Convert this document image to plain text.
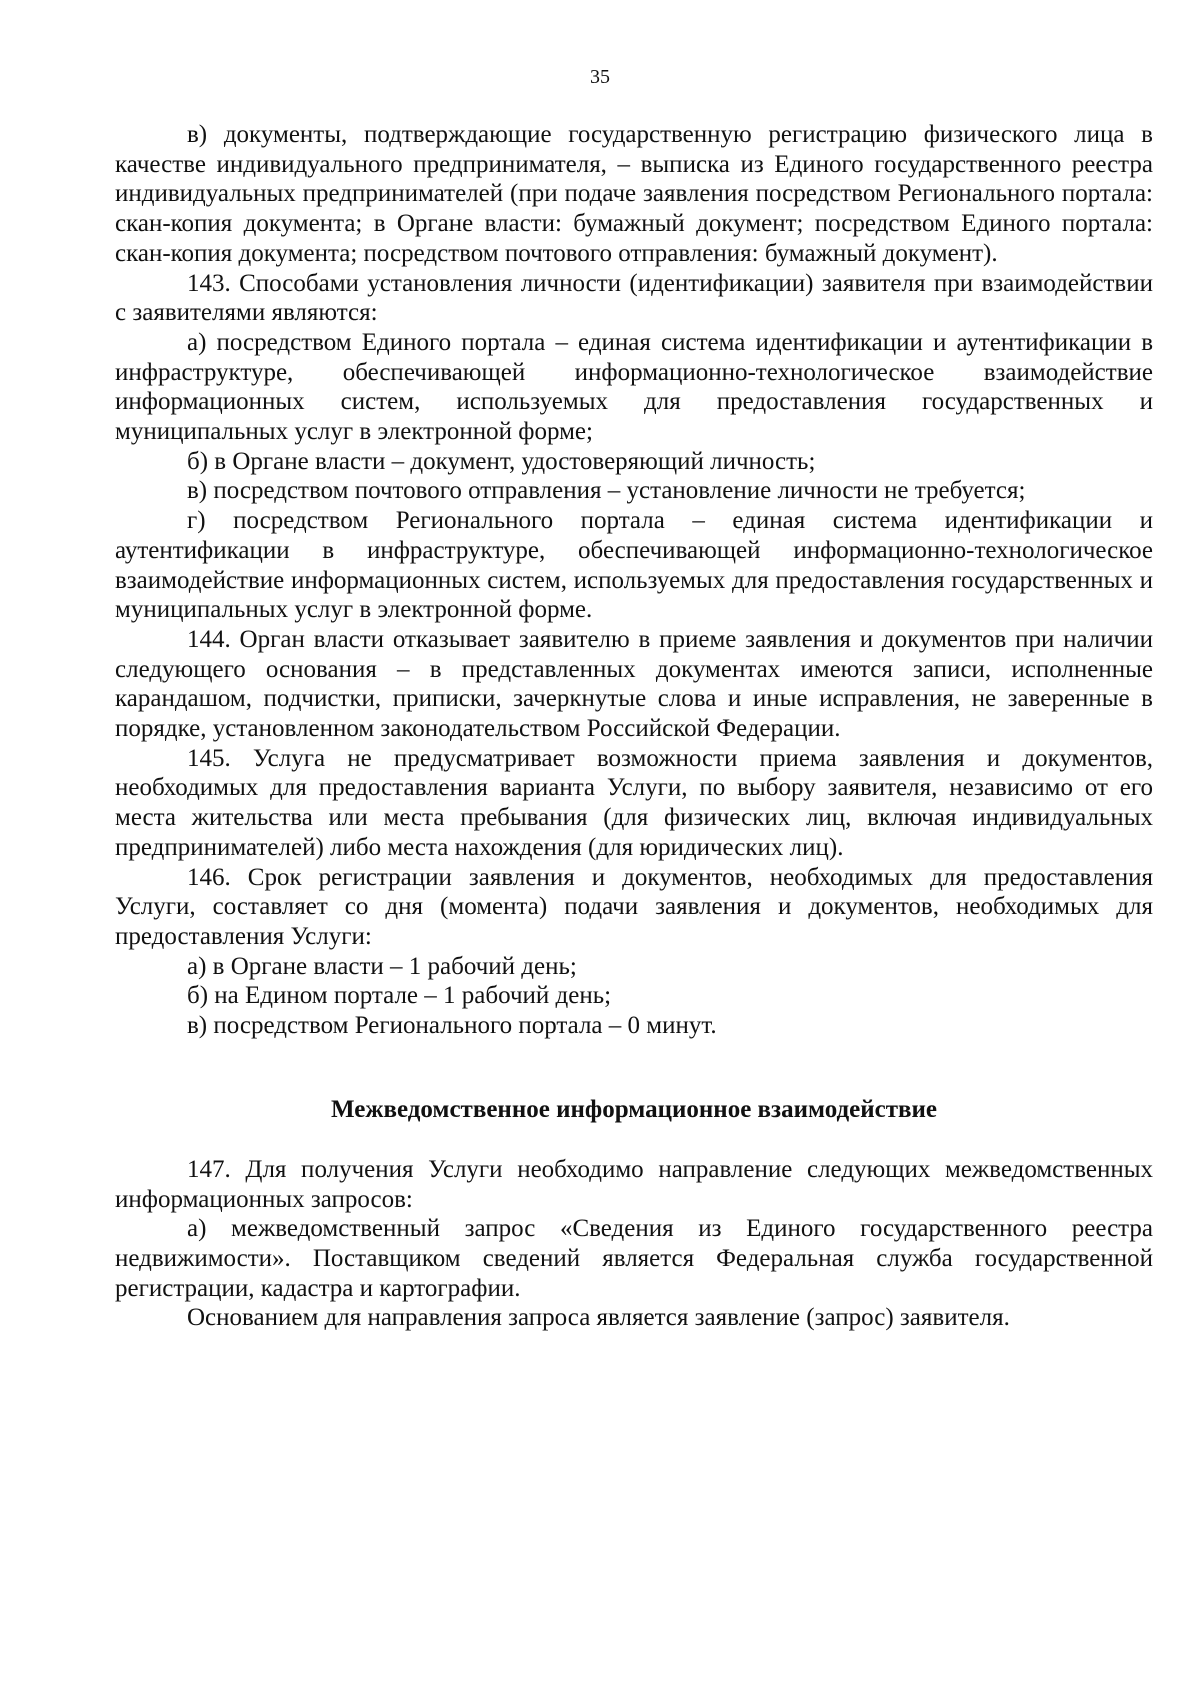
35

в) документы, подтверждающие государственную регистрацию физического лица в качестве индивидуального предпринимателя, – выписка из Единого государственного реестра индивидуальных предпринимателей (при подаче заявления посредством Регионального портала: скан-копия документа; в Органе власти: бумажный документ; посредством Единого портала: скан-копия документа; посредством почтового отправления: бумажный документ).

143. Способами установления личности (идентификации) заявителя при взаимодействии с заявителями являются:

а) посредством Единого портала – единая система идентификации и аутентификации в инфраструктуре, обеспечивающей информационно-технологическое взаимодействие информационных систем, используемых для предоставления государственных и муниципальных услуг в электронной форме;

б) в Органе власти – документ, удостоверяющий личность;

в) посредством почтового отправления – установление личности не требуется;

г) посредством Регионального портала – единая система идентификации и аутентификации в инфраструктуре, обеспечивающей информационно-технологическое взаимодействие информационных систем, используемых для предоставления государственных и муниципальных услуг в электронной форме.

144. Орган власти отказывает заявителю в приеме заявления и документов при наличии следующего основания – в представленных документах имеются записи, исполненные карандашом, подчистки, приписки, зачеркнутые слова и иные исправления, не заверенные в порядке, установленном законодательством Российской Федерации.

145. Услуга не предусматривает возможности приема заявления и документов, необходимых для предоставления варианта Услуги, по выбору заявителя, независимо от его места жительства или места пребывания (для физических лиц, включая индивидуальных предпринимателей) либо места нахождения (для юридических лиц).

146. Срок регистрации заявления и документов, необходимых для предоставления Услуги, составляет со дня (момента) подачи заявления и документов, необходимых для предоставления Услуги:

а) в Органе власти – 1 рабочий день;

б) на Едином портале – 1 рабочий день;

в) посредством Регионального портала – 0 минут.

Межведомственное информационное взаимодействие

147. Для получения Услуги необходимо направление следующих межведомственных информационных запросов:

а) межведомственный запрос «Сведения из Единого государственного реестра недвижимости». Поставщиком сведений является Федеральная служба государственной регистрации, кадастра и картографии.

Основанием для направления запроса является заявление (запрос) заявителя.
